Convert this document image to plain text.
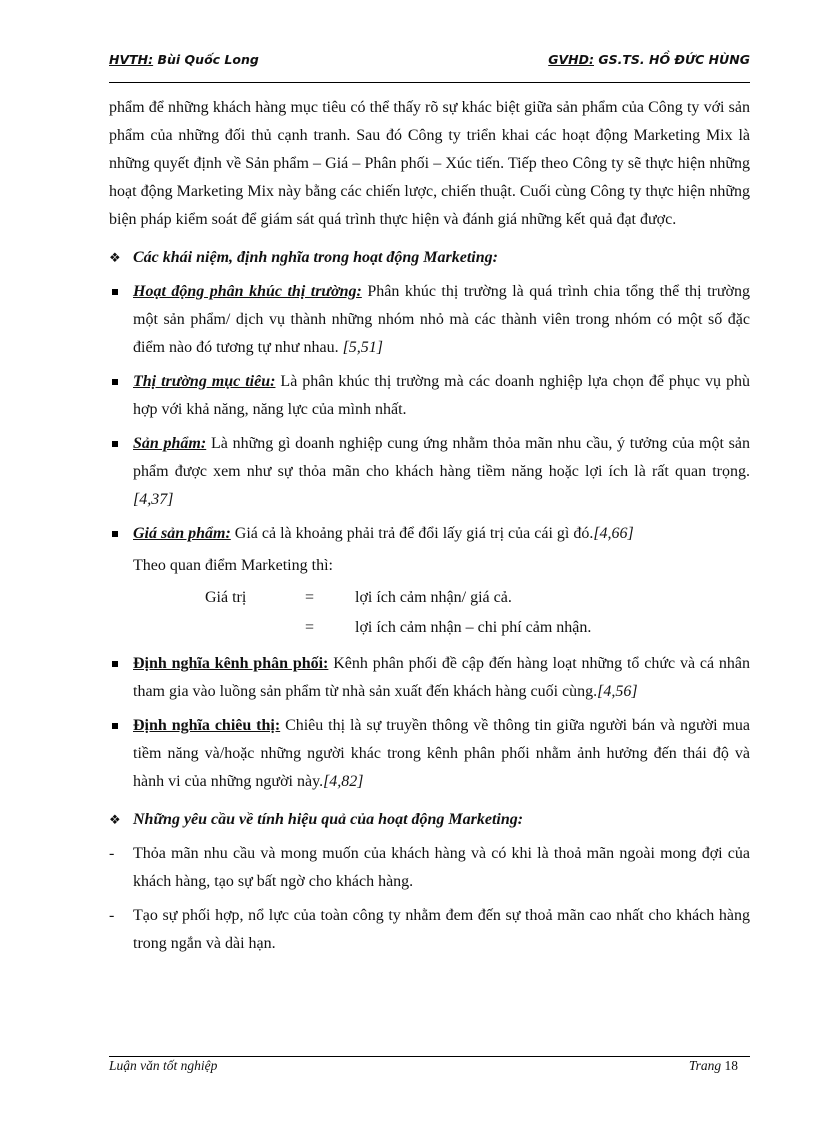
HVTH: Bùi Quốc Long	GVHD: GS.TS. HỒ ĐỨC HÙNG

phẩm để những khách hàng mục tiêu có thể thấy rõ sự khác biệt giữa sản phẩm của Công ty với sản phẩm của những đối thủ cạnh tranh. Sau đó Công ty triển khai các hoạt động Marketing Mix là những quyết định về Sản phẩm – Giá – Phân phối – Xúc tiến. Tiếp theo Công ty sẽ thực hiện những hoạt động Marketing Mix này bằng các chiến lược, chiến thuật. Cuối cùng Công ty thực hiện những biện pháp kiểm soát để giám sát quá trình thực hiện và đánh giá những kết quả đạt được.

❖ Các khái niệm, định nghĩa trong hoạt động Marketing:
Hoạt động phân khúc thị trường: Phân khúc thị trường là quá trình chia tổng thể thị trường một sản phẩm/ dịch vụ thành những nhóm nhỏ mà các thành viên trong nhóm có một số đặc điểm nào đó tương tự như nhau. [5,51]
Thị trường mục tiêu: Là phân khúc thị trường mà các doanh nghiệp lựa chọn để phục vụ phù hợp với khả năng, năng lực của mình nhất.
Sản phẩm: Là những gì doanh nghiệp cung ứng nhằm thỏa mãn nhu cầu, ý tưởng của một sản phẩm được xem như sự thỏa mãn cho khách hàng tiềm năng hoặc lợi ích là rất quan trọng. [4,37]
Giá sản phẩm: Giá cả là khoảng phải trả để đổi lấy giá trị của cái gì đó.[4,66]
Theo quan điểm Marketing thì:
Giá trị	=	lợi ích cảm nhận/ giá cả.
=	lợi ích cảm nhận – chi phí cảm nhận.
Định nghĩa kênh phân phối: Kênh phân phối đề cập đến hàng loạt những tổ chức và cá nhân tham gia vào luồng sản phẩm từ nhà sản xuất đến khách hàng cuối cùng.[4,56]
Định nghĩa chiêu thị: Chiêu thị là sự truyền thông về thông tin giữa người bán và người mua tiềm năng và/hoặc những người khác trong kênh phân phối nhằm ảnh hưởng đến thái độ và hành vi của những người này.[4,82]
❖ Những yêu cầu về tính hiệu quả của hoạt động Marketing:
- Thỏa mãn nhu cầu và mong muốn của khách hàng và có khi là thoả mãn ngoài mong đợi của khách hàng, tạo sự bất ngờ cho khách hàng.
- Tạo sự phối hợp, nổ lực của toàn công ty nhằm đem đến sự thoả mãn cao nhất cho khách hàng trong ngắn và dài hạn.
Luận văn tốt nghiệp	Trang 18
